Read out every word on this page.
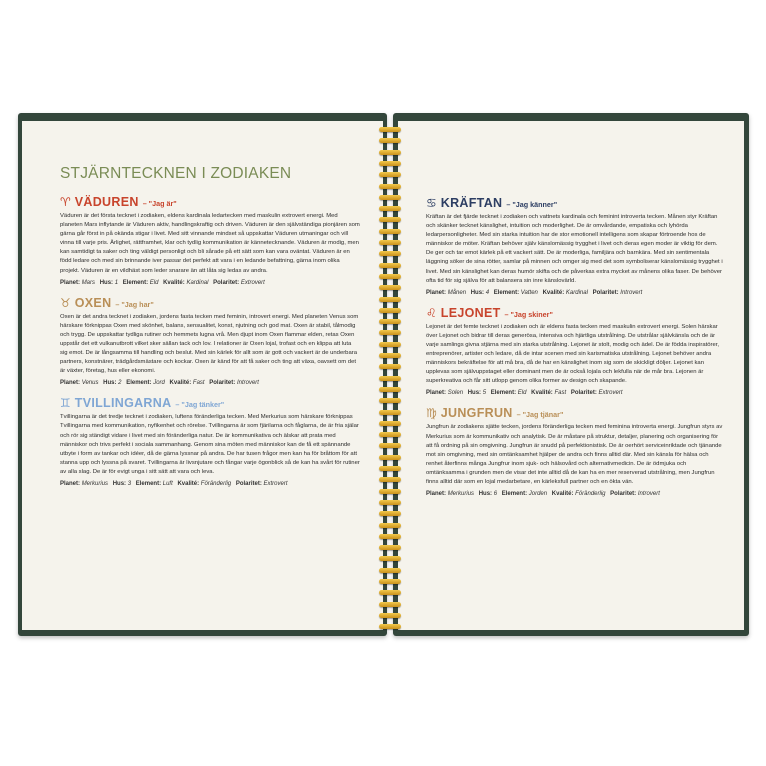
STJÄRNTECKNEN I ZODIAKEN
♈ VÄDUREN – "Jag är"

Väduren är det första tecknet i zodiaken, eldens kardinala ledartecken med maskulin extrovert energi. Med planeten Mars inflytande är Väduren aktiv, handlingskraftig och driven. Väduren är den självständiga pionjären som gärna går först in på okända stigar i livet. Med sitt vinnande mindset så uppskattar Väduren utmaningar och vill vinna till varje pris. Ärlighet, rättframhet, klar och tydlig kommunikation är kännetecknande. Väduren är modig, men kan samtidigt ta saker och ting väldigt personligt och bli sårade på ett sätt som kan vara oväntat. Väduren är en född ledare och med sin brinnande iver passar det perfekt att vara i en ledande befattning, gärna inom olika projekt. Väduren är en vildhäst som leder snarare än att låta sig ledas av andra.

Planet: Mars Hus: 1 Element: Eld Kvalité: Kardinal Polaritet: Extrovert
♉ OXEN – "Jag har"

Oxen är det andra tecknet i zodiaken, jordens fasta tecken med feminin, introvert energi. Med planeten Venus som härskare förknippas Oxen med skönhet, balans, sensualitet, konst, njutning och god mat. Oxen är stabil, tålmodig och trygg. De uppskattar tydliga rutiner och hemmets lugna vrå. Men djupt inom Oxen flammar elden, retas Oxen uppstår det ett vulkanutbrott vilket sker sällan tack och lov. I relationer är Oxen lojal, trofast och en klippa att luta sig emot. De är långsamma till handling och beslut. Med sin kärlek för allt som är gott och vackert är de underbara partners, konstnärer, trädgårdsmästare och kockar. Oxen är känd för att få saker och ting att växa, oavsett om det är växter, företag, hus eller ekonomi.

Planet: Venus Hus: 2 Element: Jord Kvalité: Fast Polaritet: Introvert
♊ TVILLINGARNA – "Jag tänker"

Tvillingarna är det tredje tecknet i zodiaken, luftens föränderliga tecken. Med Merkurius som härskare förknippas Tvillingarna med kommunikation, nyfikenhet och rörelse. Tvillingarna är som fjärilarna och fåglarna, de är fria själar och rör sig ständigt vidare i livet med sin föränderliga natur. De är kommunikativa och älskar att prata med människor och trivs perfekt i sociala sammanhang. Genom sina möten med människor kan de få ett spännande utbyte i form av tankar och idéer, då de gärna lyssnar på andra. De har tusen frågor men kan ha för bråttom för att stanna upp och lyssna på svaret. Tvillingarna är livsnjutare och fångar varje ögonblick så de kan ha svårt för rutiner av alla slag. De är för evigt unga i sitt sätt att vara och leva.

Planet: Merkurius Hus: 3 Element: Luft Kvalité: Föränderlig Polaritet: Extrovert
♋ KRÄFTAN – "Jag känner"

Kräftan är det fjärde tecknet i zodiaken och vattnets kardinala och feminint introverta tecken. Månen styr Kräftan och skänker tecknet känslighet, intuition och moderlighet. De är omvårdande, empatiska och lyhörda ledarpersonligheter. Med sin starka intuition har de stor emotionell intelligens som skapar förtroende hos de människor de möter. Kräftan behöver själv känslomässig trygghet i livet och deras egen moder är viktig för dem. De ger och tar emot kärlek på ett vackert sätt. De är moderliga, familjära och barnkära. Med sin sentimentala läggning söker de sina rötter, samlar på minnen och omger sig med det som symboliserar känslomässig trygghet i livet. Med sin känslighet kan deras humör skifta och de påverkas extra mycket av månens olika faser. De behöver ofta tid för sig själva för att balansera sin inre känslovärld.

Planet: Månen Hus: 4 Element: Vatten Kvalité: Kardinal Polaritet: Introvert
♌ LEJONET – "Jag skiner"

Lejonet är det femte tecknet i zodiaken och är eldens fasta tecken med maskulin extrovert energi. Solen härskar över Lejonet och bidrar till deras generösa, intensiva och hjärtliga utstrålning. De utstrålar självkänsla och de är varje samlings givna stjärna med sin starka utstrålning. Lejonet är stolt, modig och ädel. De är födda inspiratörer, entreprenörer, artister och ledare, då de intar scenen med sin karismatiska utstrålning. Lejonet behöver andra människors bekräftelse för att må bra, då de har en känslighet inom sig som de skickligt döljer. Lejonet kan upplevas som självuppstaget eller dominant men de är också lojala och lekfulla när de mår bra. Lejonen är superkreativa och får sitt utlopp genom olika former av design och skapande.

Planet: Solen Hus: 5 Element: Eld Kvalité: Fast Polaritet: Extrovert
♍ JUNGFRUN – "Jag tjänar"

Jungfrun är zodiakens sjätte tecken, jordens föränderliga tecken med feminina introverta energi. Jungfrun styrs av Merkurius som är kommunikativ och analytisk. De är måstare på struktur, detaljer, planering och organisering för att få ordning på sin omgivning. Jungfrun är snudd på perfektionistisk. De är oerhört serviceinriktade och tjänande mot sin omgivning, med sin omtänksamhet hjälper de andra och finns alltid där. Med sin känsla för hälsa och renhet återfinns många Jungfrur inom sjuk- och hälsovård och alternativmedicin. De är ödmjuka och omtänksamma i grunden men de visar det inte alltid då de kan ha en mer reserverad utstrålning, men Jungfrun finns alltid där som en lojal medarbetare, en kärleksfull partner och en ökta vän.

Planet: Merkurius Hus: 6 Element: Jorden Kvalité: Föränderlig Polaritet: Introvert
